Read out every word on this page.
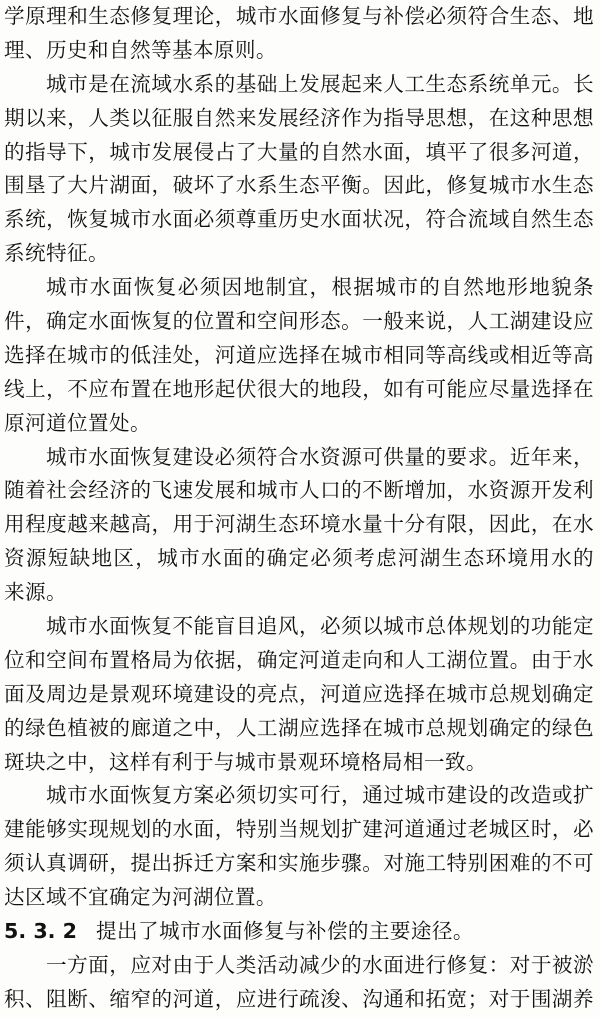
学原理和生态修复理论，城市水面修复与补偿必须符合生态、地
理、历史和自然等基本原则。
城市是在流域水系的基础上发展起来人工生态系统单元。长
期以来，人类以征服自然来发展经济作为指导思想，在这种思想
的指导下，城市发展侵占了大量的自然水面，填平了很多河道，
围垦了大片湖面，破坏了水系生态平衡。因此，修复城市水生态
系统，恢复城市水面必须尊重历史水面状况，符合流域自然生态
系统特征。
城市水面恢复必须因地制宜，根据城市的自然地形地貌条
件，确定水面恢复的位置和空间形态。一般来说，人工湖建设应
选择在城市的低洼处，河道应选择在城市相同等高线或相近等高
线上，不应布置在地形起伏很大的地段，如有可能应尽量选择在
原河道位置处。
城市水面恢复建设必须符合水资源可供量的要求。近年来，
随着社会经济的飞速发展和城市人口的不断增加，水资源开发利
用程度越来越高，用于河湖生态环境水量十分有限，因此，在水
资源短缺地区，城市水面的确定必须考虑河湖生态环境用水的
来源。
城市水面恢复不能盲目追风，必须以城市总体规划的功能定
位和空间布置格局为依据，确定河道走向和人工湖位置。由于水
面及周边是景观环境建设的亮点，河道应选择在城市总规划确定
的绿色植被的廊道之中，人工湖应选择在城市总规划确定的绿色
斑块之中，这样有利于与城市景观环境格局相一致。
城市水面恢复方案必须切实可行，通过城市建设的改造或扩
建能够实现规划的水面，特别当规划扩建河道通过老城区时，必
须认真调研，提出拆迁方案和实施步骤。对施工特别困难的不可
达区域不宜确定为河湖位置。
5. 3. 2 提出了城市水面修复与补偿的主要途径。
一方面，应对由于人类活动减少的水面进行修复：对于被淤
积、阻断、缩窄的河道，应进行疏浚、沟通和拓宽；对于围湖养
